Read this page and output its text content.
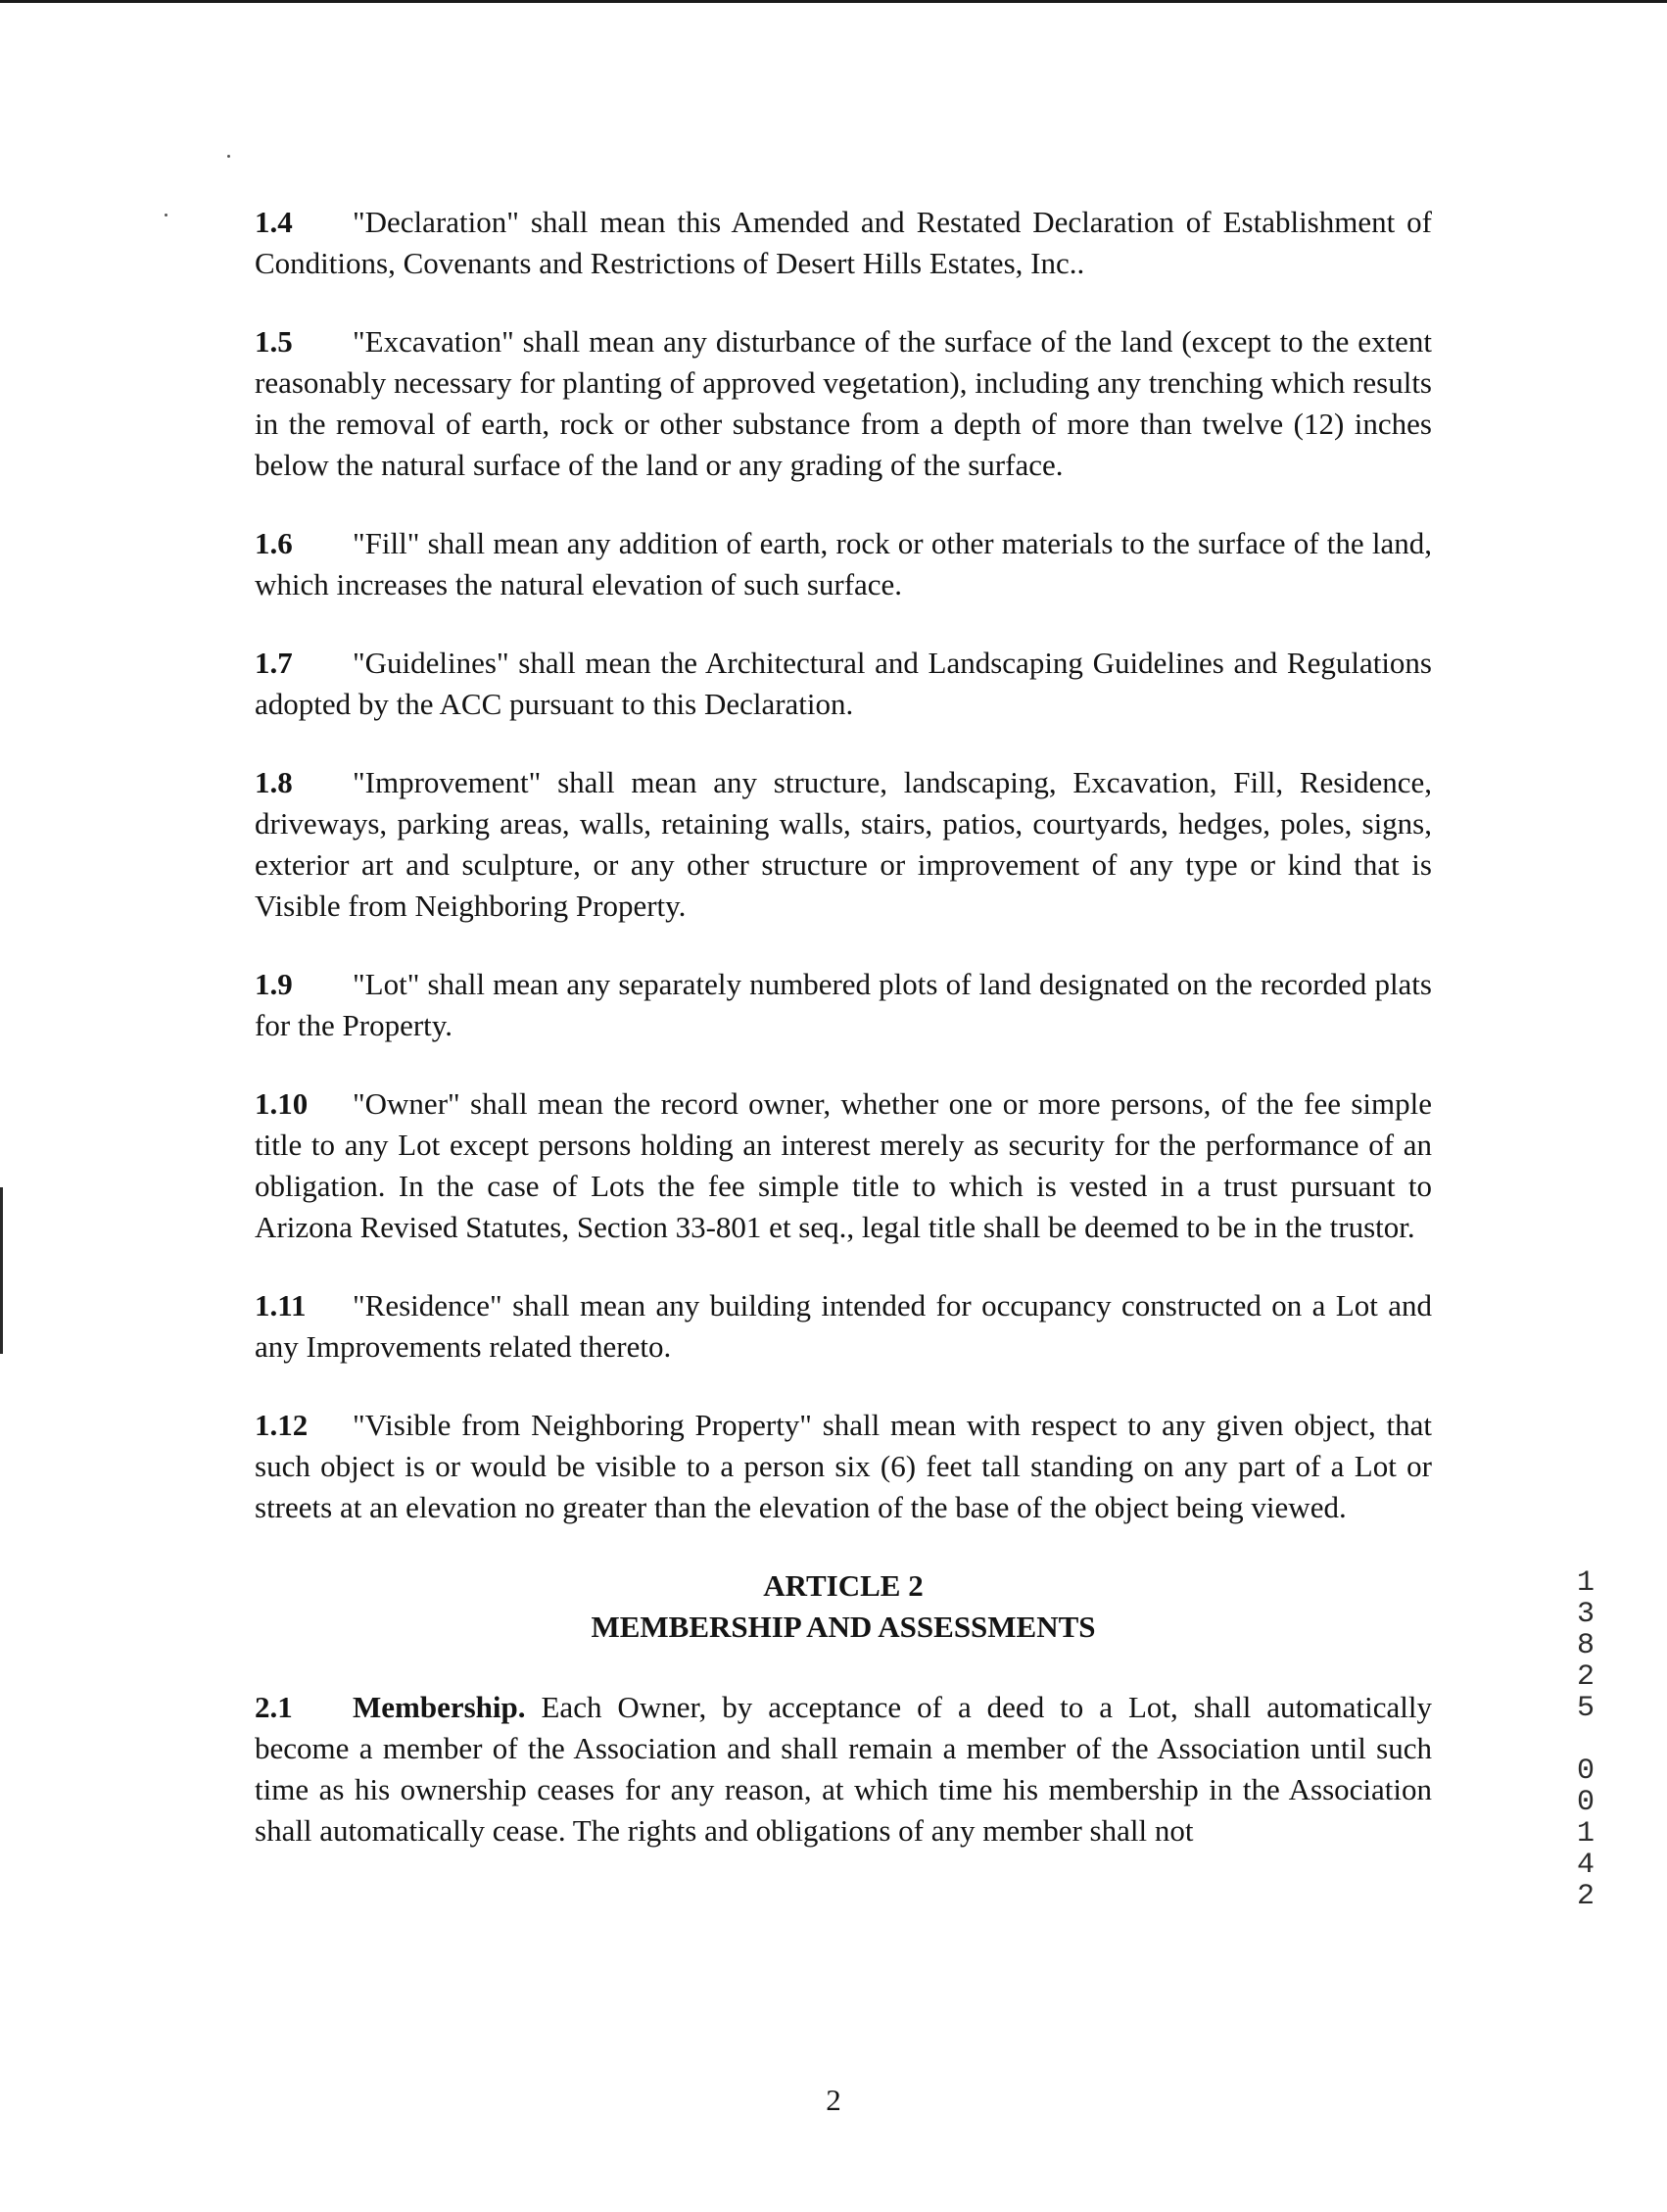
1.4 "Declaration" shall mean this Amended and Restated Declaration of Establishment of Conditions, Covenants and Restrictions of Desert Hills Estates, Inc..

1.5 "Excavation" shall mean any disturbance of the surface of the land (except to the extent reasonably necessary for planting of approved vegetation), including any trenching which results in the removal of earth, rock or other substance from a depth of more than twelve (12) inches below the natural surface of the land or any grading of the surface.

1.6 "Fill" shall mean any addition of earth, rock or other materials to the surface of the land, which increases the natural elevation of such surface.

1.7 "Guidelines" shall mean the Architectural and Landscaping Guidelines and Regulations adopted by the ACC pursuant to this Declaration.

1.8 "Improvement" shall mean any structure, landscaping, Excavation, Fill, Residence, driveways, parking areas, walls, retaining walls, stairs, patios, courtyards, hedges, poles, signs, exterior art and sculpture, or any other structure or improvement of any type or kind that is Visible from Neighboring Property.

1.9 "Lot" shall mean any separately numbered plots of land designated on the recorded plats for the Property.

1.10 "Owner" shall mean the record owner, whether one or more persons, of the fee simple title to any Lot except persons holding an interest merely as security for the performance of an obligation. In the case of Lots the fee simple title to which is vested in a trust pursuant to Arizona Revised Statutes, Section 33-801 et seq., legal title shall be deemed to be in the trustor.

1.11 "Residence" shall mean any building intended for occupancy constructed on a Lot and any Improvements related thereto.

1.12 "Visible from Neighboring Property" shall mean with respect to any given object, that such object is or would be visible to a person six (6) feet tall standing on any part of a Lot or streets at an elevation no greater than the elevation of the base of the object being viewed.

ARTICLE 2
MEMBERSHIP AND ASSESSMENTS

2.1 Membership. Each Owner, by acceptance of a deed to a Lot, shall automatically become a member of the Association and shall remain a member of the Association until such time as his ownership ceases for any reason, at which time his membership in the Association shall automatically cease. The rights and obligations of any member shall not

1
3
8
2
5

0
0
1
4
2
2
